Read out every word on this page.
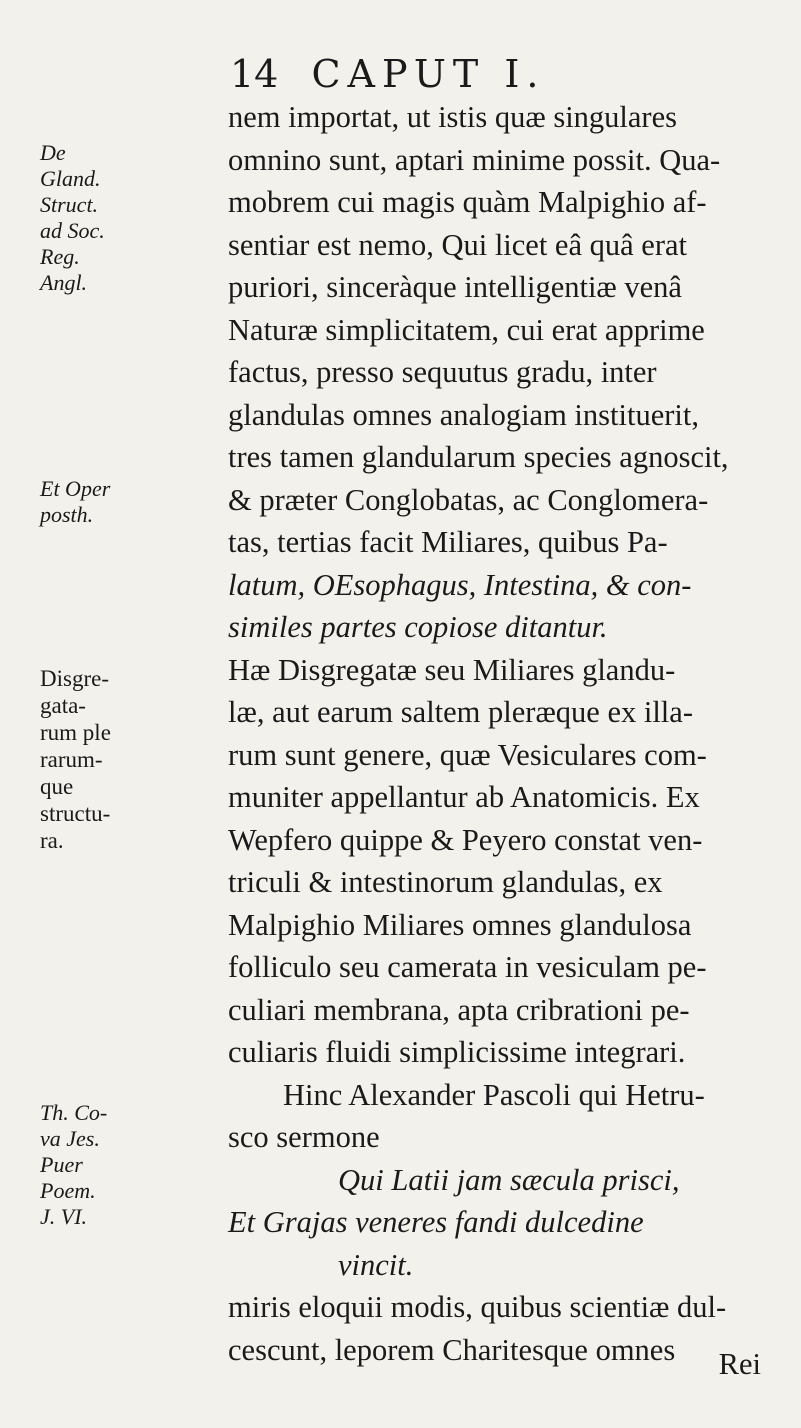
14 CAPUT I.
De
Gland.
Struct.
ad Soc.
Reg.
Angl.
Et Oper
posth.
Disgre-
gata-
rum ple
rarum-
que
structu-
ra.
Th. Co-
va Jes.
Puer
Poem.
J. VI.
nem importat, ut istis quæ singulares
omnino sunt, aptari minime possit. Qua-
mobrem cui magis quàm Malpighio af-
sentiar est nemo, Qui licet eâ quâ erat
puriori, sinceràque intelligentiæ venâ
Naturæ simplicitatem, cui erat apprime
factus, presso sequutus gradu, inter
glandulas omnes analogiam instituerit,
tres tamen glandularum species agnoscit,
& præter Conglobatas, ac Conglomera-
tas, tertias facit Miliares, quibus Pa-
latum, OEsophagus, Intestina, & con-
similes partes copiose ditantur.
Hæ Disgregatæ seu Miliares glandu-
læ, aut earum saltem pleræque ex illa-
rum sunt genere, quæ Vesiculares com-
muniter appellantur ab Anatomicis. Ex
Wepfero quippe & Peyero constat ven-
triculi & intestinorum glandulas, ex
Malpighio Miliares omnes glandulosa
folliculo seu camerata in vesiculam pe-
culiari membrana, apta cribrationi pe-
culiaris fluidi simplicissime integrari.
Hinc Alexander Pascoli qui Hetru-
sco sermone
Qui Latii jam sæcula prisci,
Et Grajas veneres fandi dulcedine
vincit.
miris eloquii modis, quibus scientiæ dul-
cescunt, leporem Charitesque omnes	Rei
